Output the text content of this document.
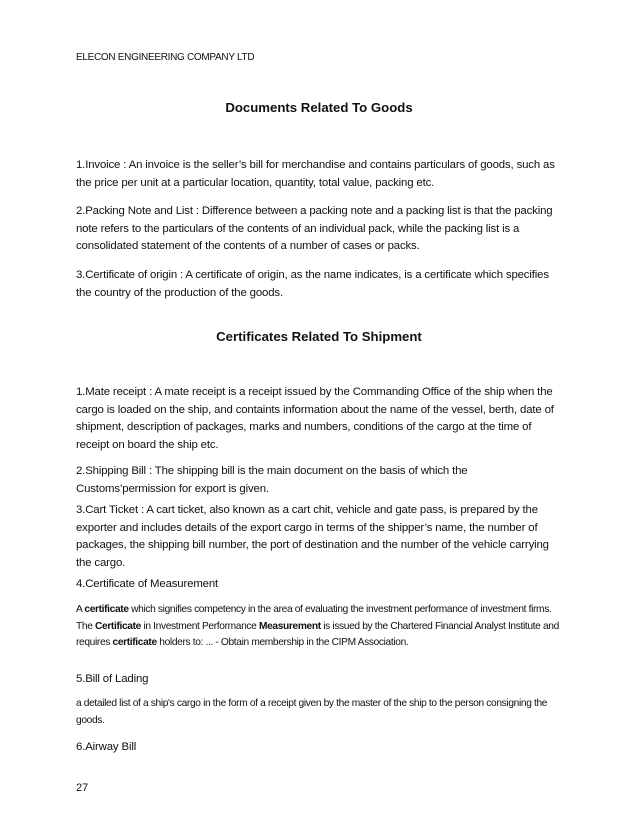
ELECON ENGINEERING COMPANY LTD
Documents Related To Goods
1.Invoice : An invoice is the seller’s bill for merchandise and contains particulars of goods, such as the price per unit at a particular location, quantity, total value, packing etc.
2.Packing Note and List : Difference between a packing note and a packing list is that the packing note refers to the particulars of the contents of an individual pack, while the packing list is a consolidated statement of the contents of a number of cases or packs.
3.Certificate of origin : A certificate of origin, as the name indicates, is a certificate which specifies the country of the production of the goods.
Certificates Related To Shipment
1.Mate receipt : A mate receipt is a receipt issued by the Commanding Office of the ship when the cargo is loaded on the ship, and containts information about the name of the vessel, berth, date of shipment, description of packages, marks and numbers, conditions of the cargo at the time of receipt on board the ship etc.
2.Shipping Bill : The shipping bill is the main document on the basis of which the Customs’permission for export is given.
3.Cart Ticket : A cart ticket, also known as a cart chit, vehicle and gate pass, is prepared by the exporter and includes details of the export cargo in terms of the shipper’s name, the number of packages, the shipping bill number, the port of destination and the number of the vehicle carrying the cargo.
4.Certificate of Measurement
A certificate which signifies competency in the area of evaluating the investment performance of investment firms. The Certificate in Investment Performance Measurement is issued by the Chartered Financial Analyst Institute and requires certificate holders to: ... - Obtain membership in the CIPM Association.
5.Bill of Lading
a detailed list of a ship's cargo in the form of a receipt given by the master of the ship to the person consigning the goods.
6.Airway Bill
27
